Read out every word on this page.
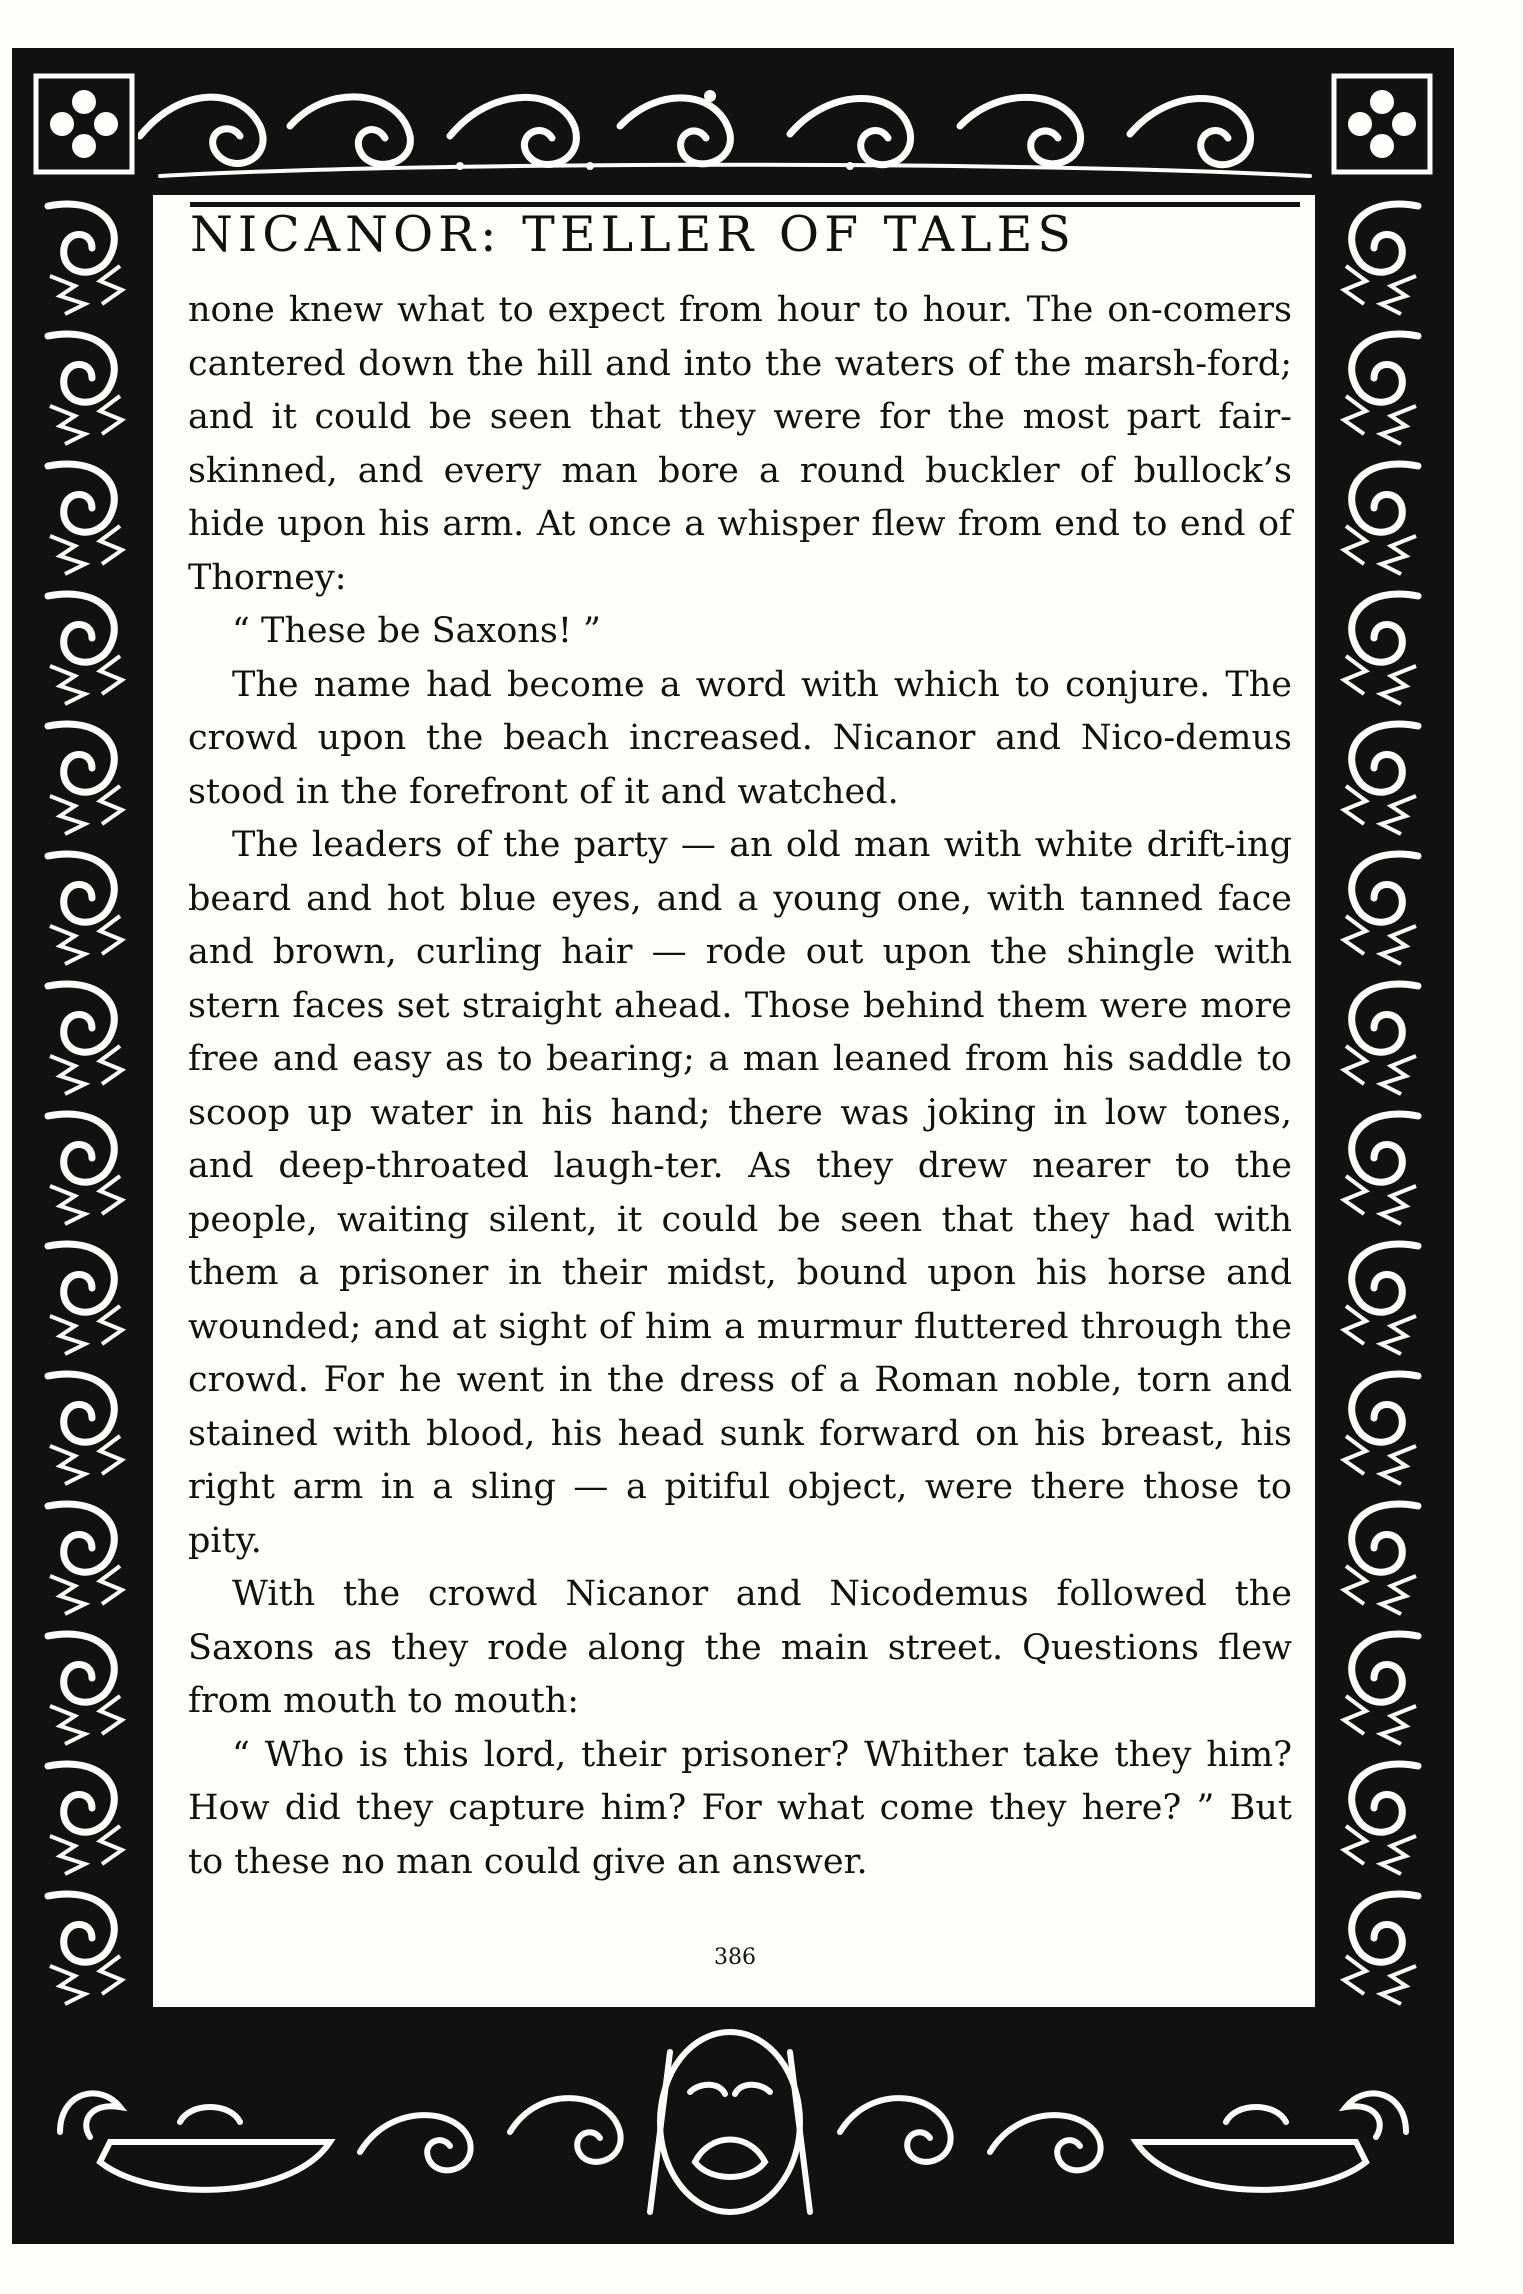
NICANOR: TELLER OF TALES

none knew what to expect from hour to hour. The on-comers cantered down the hill and into the waters of the marsh-ford; and it could be seen that they were for the most part fair-skinned, and every man bore a round buckler of bullock’s hide upon his arm. At once a whisper flew from end to end of Thorney:

“ These be Saxons! ”

The name had become a word with which to conjure. The crowd upon the beach increased. Nicanor and Nico-demus stood in the forefront of it and watched.

The leaders of the party — an old man with white drift-ing beard and hot blue eyes, and a young one, with tanned face and brown, curling hair — rode out upon the shingle with stern faces set straight ahead. Those behind them were more free and easy as to bearing; a man leaned from his saddle to scoop up water in his hand; there was joking in low tones, and deep-throated laugh-ter. As they drew nearer to the people, waiting silent, it could be seen that they had with them a prisoner in their midst, bound upon his horse and wounded; and at sight of him a murmur fluttered through the crowd. For he went in the dress of a Roman noble, torn and stained with blood, his head sunk forward on his breast, his right arm in a sling — a pitiful object, were there those to pity.

With the crowd Nicanor and Nicodemus followed the Saxons as they rode along the main street. Questions flew from mouth to mouth:

“ Who is this lord, their prisoner? Whither take they him? How did they capture him? For what come they here? ” But to these no man could give an answer.

386
